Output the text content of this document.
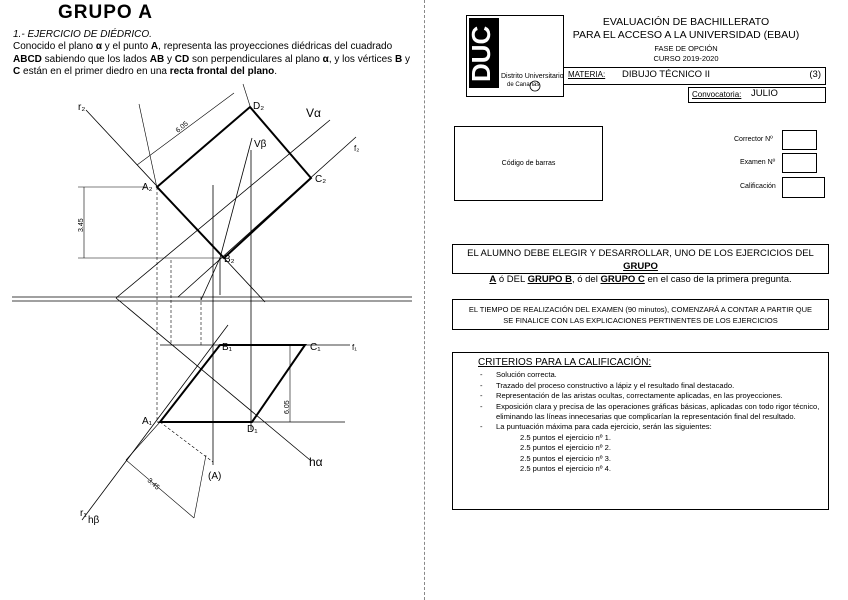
GRUPO A
1.- EJERCICIO DE DIÉDRICO.
Conocido el plano α y el punto A, representa las proyecciones diédricas del cuadrado
ABCD sabiendo que los lados AB y CD son perpendiculares al plano α, y los vértices B y
C están en el primer diedro en una recta frontal del plano.
r₂	D₂	Vα
Vβ	f₂
A₂
C₂
B₂
B₁	C₁	f₁
A₁
D₁
hα
(A)
r₁
hβ
6.05
3.45
6.05
3.45
DUC Distrito Universitario
de Canarias
EVALUACIÓN DE BACHILLERATO
PARA EL ACCESO A LA UNIVERSIDAD (EBAU)
FASE DE OPCIÓN
CURSO 2019-2020
MATERIA: DIBUJO TÉCNICO II	(3)
Convocatoria: JULIO
Código de barras
Corrector Nº
Examen Nº
Calificación
EL ALUMNO DEBE ELEGIR Y DESARROLLAR, UNO DE LOS EJERCICIOS DEL GRUPO
A ó DEL GRUPO B, ó del GRUPO C en el caso de la primera pregunta.
EL TIEMPO DE REALIZACIÓN DEL EXAMEN (90 minutos), COMENZARÁ A CONTAR A PARTIR QUE
SE FINALICE CON LAS EXPLICACIONES PERTINENTES DE LOS EJERCICIOS
CRITERIOS PARA LA CALIFICACIÓN:
- Solución correcta.
- Trazado del proceso constructivo a lápiz y el resultado final destacado.
- Representación de las aristas ocultas, correctamente aplicadas, en las proyecciones.
- Exposición clara y precisa de las operaciones gráficas básicas, aplicadas con todo rigor técnico, eliminando las líneas innecesarias que complicarían la representación final del resultado.
- La puntuación máxima para cada ejercicio, serán las siguientes:
2.5 puntos el ejercicio nº 1.
2.5 puntos el ejercicio nº 2.
2.5 puntos el ejercicio nº 3.
2.5 puntos el ejercicio nº 4.
